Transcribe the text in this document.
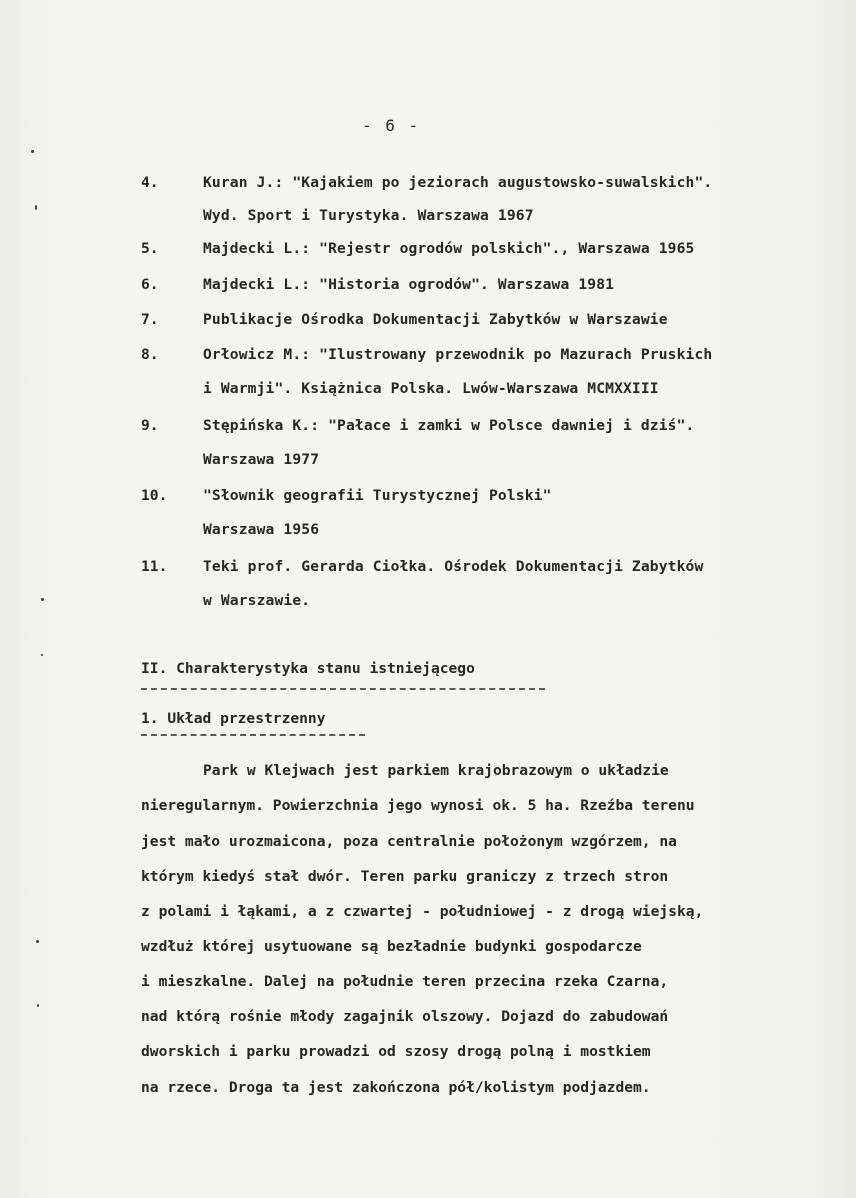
- 6 -
4.	Kuran J.: "Kajakiem po jeziorach augustowsko-suwalskich".
Wyd. Sport i Turystyka. Warszawa 1967
5.	Majdecki L.: "Rejestr ogrodów polskich"., Warszawa 1965
6.	Majdecki L.: "Historia ogrodów". Warszawa 1981
7.	Publikacje Ośrodka Dokumentacji Zabytków w Warszawie
8.	Orłowicz M.: "Ilustrowany przewodnik po Mazurach Pruskich
i Warmji". Książnica Polska. Lwów-Warszawa MCMXXIII
9.	Stępińska K.: "Pałace i zamki w Polsce dawniej i dziś".
Warszawa 1977
10. "Słownik geografii Turystycznej Polski"
Warszawa 1956
11. Teki prof. Gerarda Ciołka. Ośrodek Dokumentacji Zabytków
w Warszawie.
II. Charakterystyka stanu istniejącego
1. Układ przestrzenny
Park w Klejwach jest parkiem krajobrazowym o układzie
nieregularnym. Powierzchnia jego wynosi ok. 5 ha. Rzeźba terenu
jest mało urozmaicona, poza centralnie położonym wzgórzem, na
którym kiedyś stał dwór. Teren parku graniczy z trzech stron
z polami i łąkami, a z czwartej - południowej - z drogą wiejską,
wzdłuż której usytuowane są bezładnie budynki gospodarcze
i mieszkalne. Dalej na południe teren przecina rzeka Czarna,
nad którą rośnie młody zagajnik olszowy. Dojazd do zabudowań
dworskich i parku prowadzi od szosy drogą polną i mostkiem
na rzece. Droga ta jest zakończona pół/kolistym podjazdem.
